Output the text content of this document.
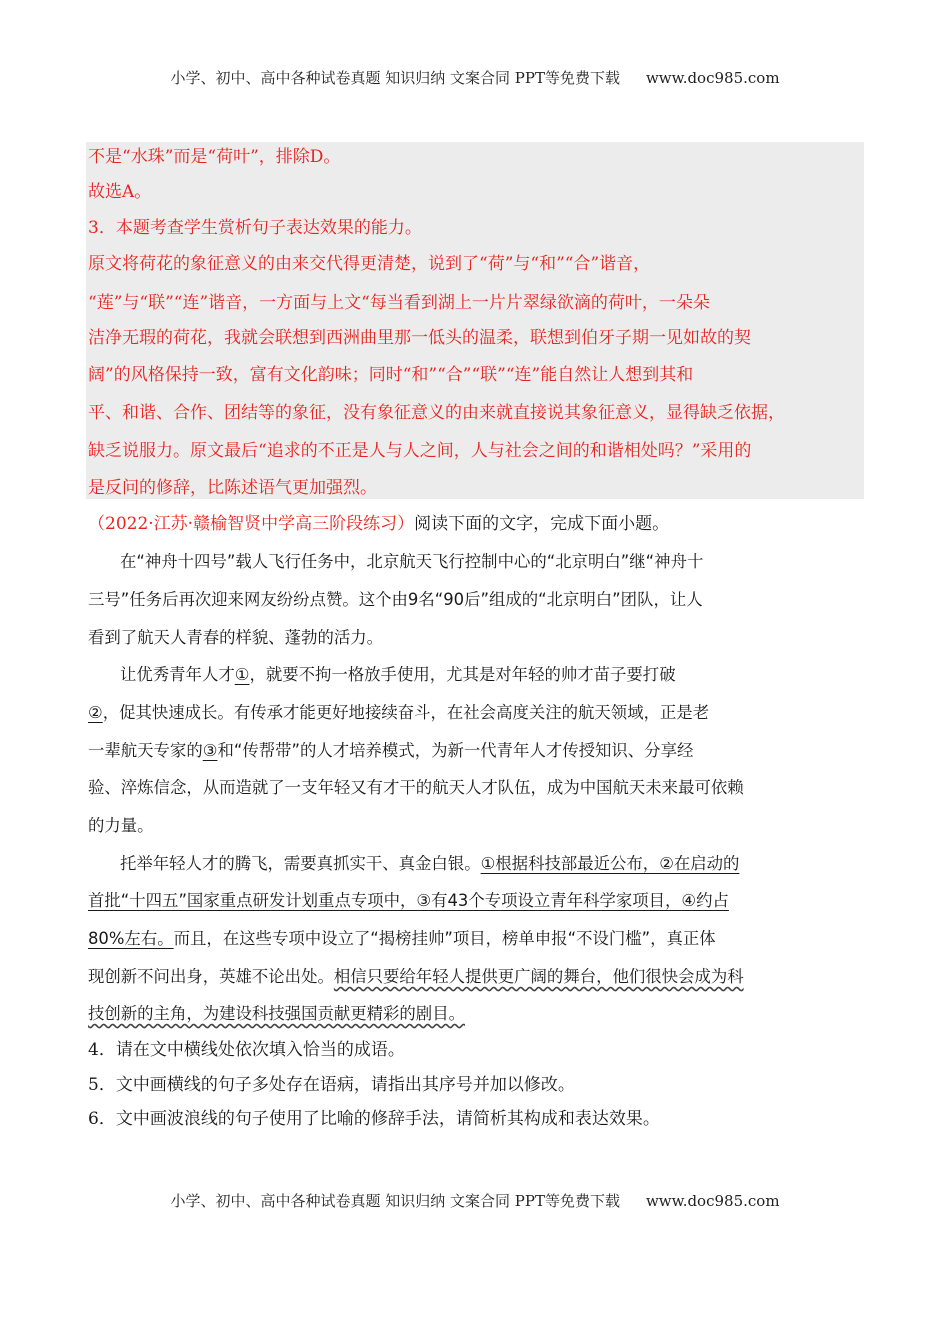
小学、初中、高中各种试卷真题 知识归纳 文案合同 PPT等免费下载 www.doc985.com
不是“水珠”而是“荷叶”，排除D。
故选A。
3．本题考查学生赏析句子表达效果的能力。
原文将荷花的象征意义的由来交代得更清楚，说到了“荷”与“和”“合”谐音，
“莲”与“联”“连”谐音，一方面与上文“每当看到湖上一片片翠绿欲滴的荷叶，一朵朵
洁净无瑕的荷花，我就会联想到西洲曲里那一低头的温柔，联想到伯牙子期一见如故的契
阔”的风格保持一致，富有文化韵味；同时“和”“合”“联”“连”能自然让人想到其和
平、和谐、合作、团结等的象征，没有象征意义的由来就直接说其象征意义，显得缺乏依据，
缺乏说服力。原文最后“追求的不正是人与人之间，人与社会之间的和谐相处吗？”采用的
是反问的修辞，比陈述语气更加强烈。
（2022·江苏·赣榆智贤中学高三阶段练习）阅读下面的文字，完成下面小题。
在“神舟十四号”载人飞行任务中，北京航天飞行控制中心的“北京明白”继“神舟十
三号”任务后再次迎来网友纷纷点赞。这个由9名“90后”组成的“北京明白”团队，让人
看到了航天人青春的样貌、蓬勃的活力。
让优秀青年人才①，就要不拘一格放手使用，尤其是对年轻的帅才苗子要打破
②，促其快速成长。有传承才能更好地接续奋斗，在社会高度关注的航天领域，正是老
一辈航天专家的③和“传帮带”的人才培养模式，为新一代青年人才传授知识、分享经
验、淬炼信念，从而造就了一支年轻又有才干的航天人才队伍，成为中国航天未来最可依赖
的力量。
托举年轻人才的腾飞，需要真抓实干、真金白银。①根据科技部最近公布，②在启动的
首批“十四五”国家重点研发计划重点专项中，③有43个专项设立青年科学家项目，④约占
80%左右。而且，在这些专项中设立了“揭榜挂帅”项目，榜单申报“不设门槛”，真正体
现创新不问出身，英雄不论出处。相信只要给年轻人提供更广阔的舞台，他们很快会成为科
技创新的主角，为建设科技强国贡献更精彩的剧目。
4．请在文中横线处依次填入恰当的成语。
5．文中画横线的句子多处存在语病，请指出其序号并加以修改。
6．文中画波浪线的句子使用了比喻的修辞手法，请简析其构成和表达效果。
小学、初中、高中各种试卷真题 知识归纳 文案合同 PPT等免费下载 www.doc985.com
